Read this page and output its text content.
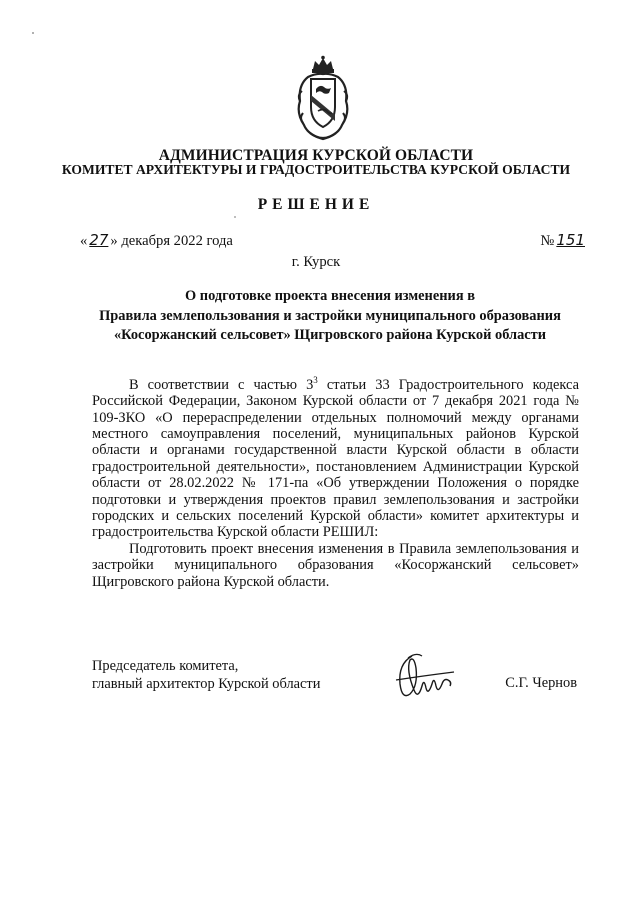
АДМИНИСТРАЦИЯ КУРСКОЙ ОБЛАСТИ
КОМИТЕТ АРХИТЕКТУРЫ И ГРАДОСТРОИТЕЛЬСТВА КУРСКОЙ ОБЛАСТИ
РЕШЕНИЕ
« 27 » декабря 2022 года	№ 151
г. Курск
О подготовке проекта внесения изменения в
Правила землепользования и застройки муниципального образования
«Косоржанский сельсовет» Щигровского района Курской области

В соответствии с частью $3^3$ статьи 33 Градостроительного кодекса Российской Федерации, Законом Курской области от 7 декабря 2021 года № 109-ЗКО «О перераспределении отдельных полномочий между органами местного самоуправления поселений, муниципальных районов Курской области и органами государственной власти Курской области в области градостроительной деятельности», постановлением Администрации Курской области от 28.02.2022 № 171-па «Об утверждении Положения о порядке подготовки и утверждения проектов правил землепользования и застройки городских и сельских поселений Курской области» комитет архитектуры и градостроительства Курской области РЕШИЛ:

Подготовить проект внесения изменения в Правила землепользования и застройки муниципального образования «Косоржанский сельсовет» Щигровского района Курской области.

Председатель комитета,
главный архитектор Курской области	С.Г. Чернов
